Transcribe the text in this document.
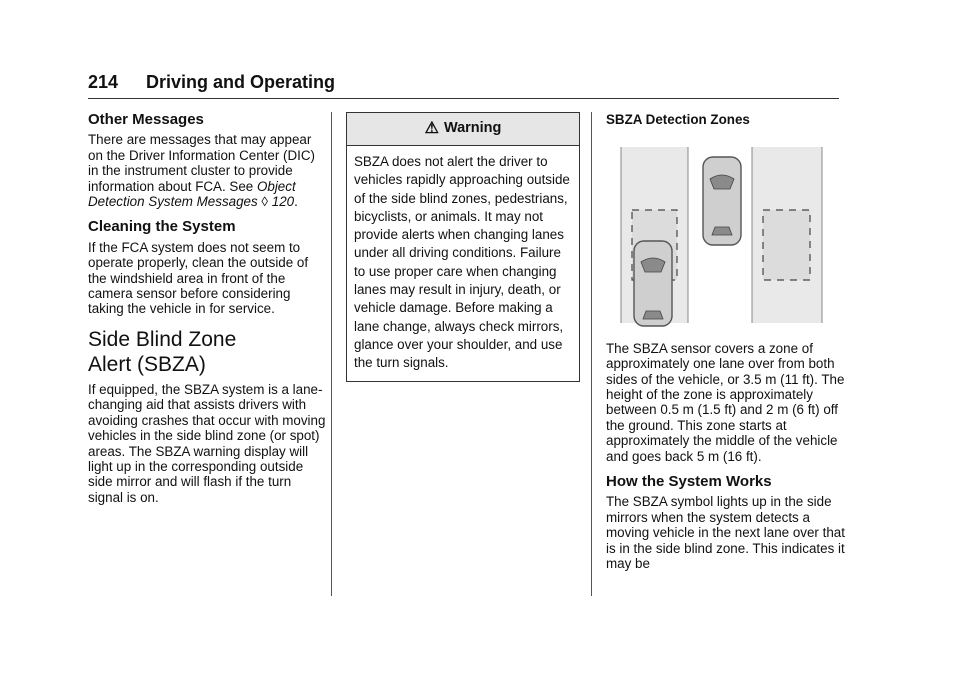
214 Driving and Operating
Other Messages

There are messages that may appear on the Driver Information Center (DIC) in the instrument cluster to provide information about FCA. See Object Detection System Messages ◊ 120.

Cleaning the System

If the FCA system does not seem to operate properly, clean the outside of the windshield area in front of the camera sensor before considering taking the vehicle in for service.

Side Blind Zone
Alert (SBZA)

If equipped, the SBZA system is a lane-changing aid that assists drivers with avoiding crashes that occur with moving vehicles in the side blind zone (or spot) areas. The SBZA warning display will light up in the corresponding outside side mirror and will flash if the turn signal is on.

⚠ Warning
SBZA does not alert the driver to vehicles rapidly approaching outside of the side blind zones, pedestrians, bicyclists, or animals. It may not provide alerts when changing lanes under all driving conditions. Failure to use proper care when changing lanes may result in injury, death, or vehicle damage. Before making a lane change, always check mirrors, glance over your shoulder, and use the turn signals.
SBZA Detection Zones

The SBZA sensor covers a zone of approximately one lane over from both sides of the vehicle, or 3.5 m (11 ft). The height of the zone is approximately between 0.5 m (1.5 ft) and 2 m (6 ft) off the ground. This zone starts at approximately the middle of the vehicle and goes back 5 m (16 ft).

How the System Works

The SBZA symbol lights up in the side mirrors when the system detects a moving vehicle in the next lane over that is in the side blind zone. This indicates it may be
